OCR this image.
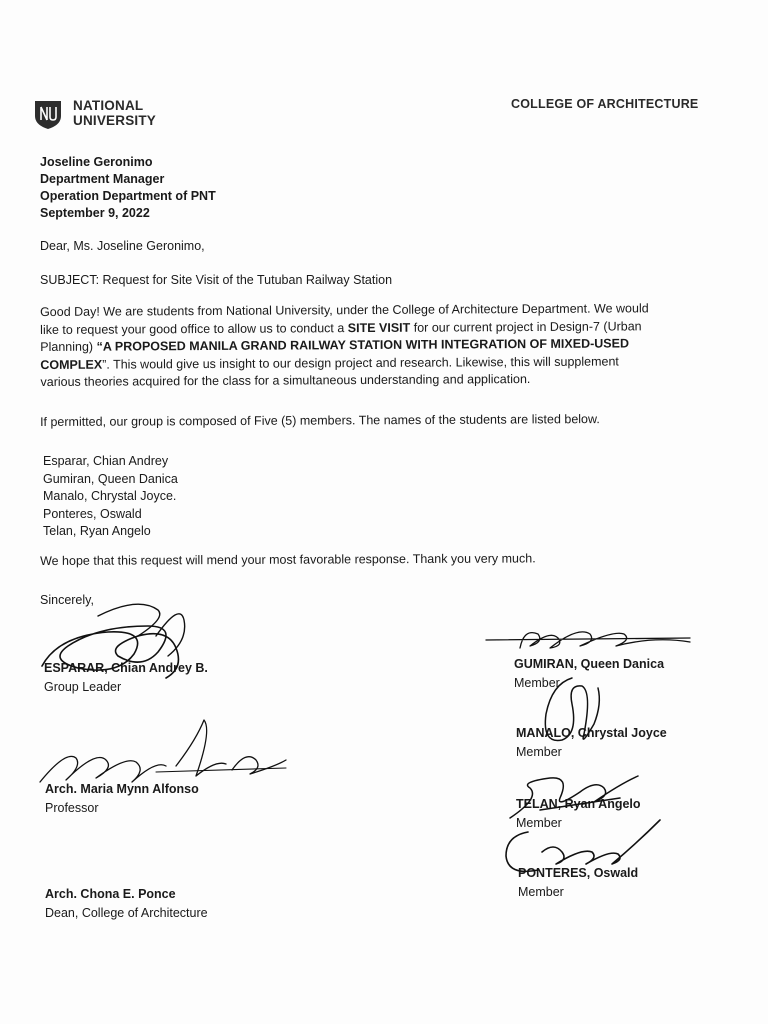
NATIONAL
UNIVERSITY
COLLEGE OF ARCHITECTURE
Joseline Geronimo
Department Manager
Operation Department of PNT
September 9, 2022
Dear, Ms. Joseline Geronimo,
SUBJECT: Request for Site Visit of the Tutuban Railway Station
Good Day! We are students from National University, under the College of Architecture Department. We would
like to request your good office to allow us to conduct a SITE VISIT for our current project in Design-7 (Urban
Planning) “A PROPOSED MANILA GRAND RAILWAY STATION WITH INTEGRATION OF MIXED-USED
COMPLEX”. This would give us insight to our design project and research. Likewise, this will supplement
various theories acquired for the class for a simultaneous understanding and application.
If permitted, our group is composed of Five (5) members. The names of the students are listed below.
Esparar, Chian Andrey
Gumiran, Queen Danica
Manalo, Chrystal Joyce.
Ponteres, Oswald
Telan, Ryan Angelo
We hope that this request will mend your most favorable response. Thank you very much.
Sincerely,
ESPARAR, Chian Andrey B.
Group Leader
Arch. Maria Mynn Alfonso
Professor
Arch. Chona E. Ponce
Dean, College of Architecture
GUMIRAN, Queen Danica
Member
MANALO, Chrystal Joyce
Member
TELAN, Ryan Angelo
Member
PONTERES, Oswald
Member
